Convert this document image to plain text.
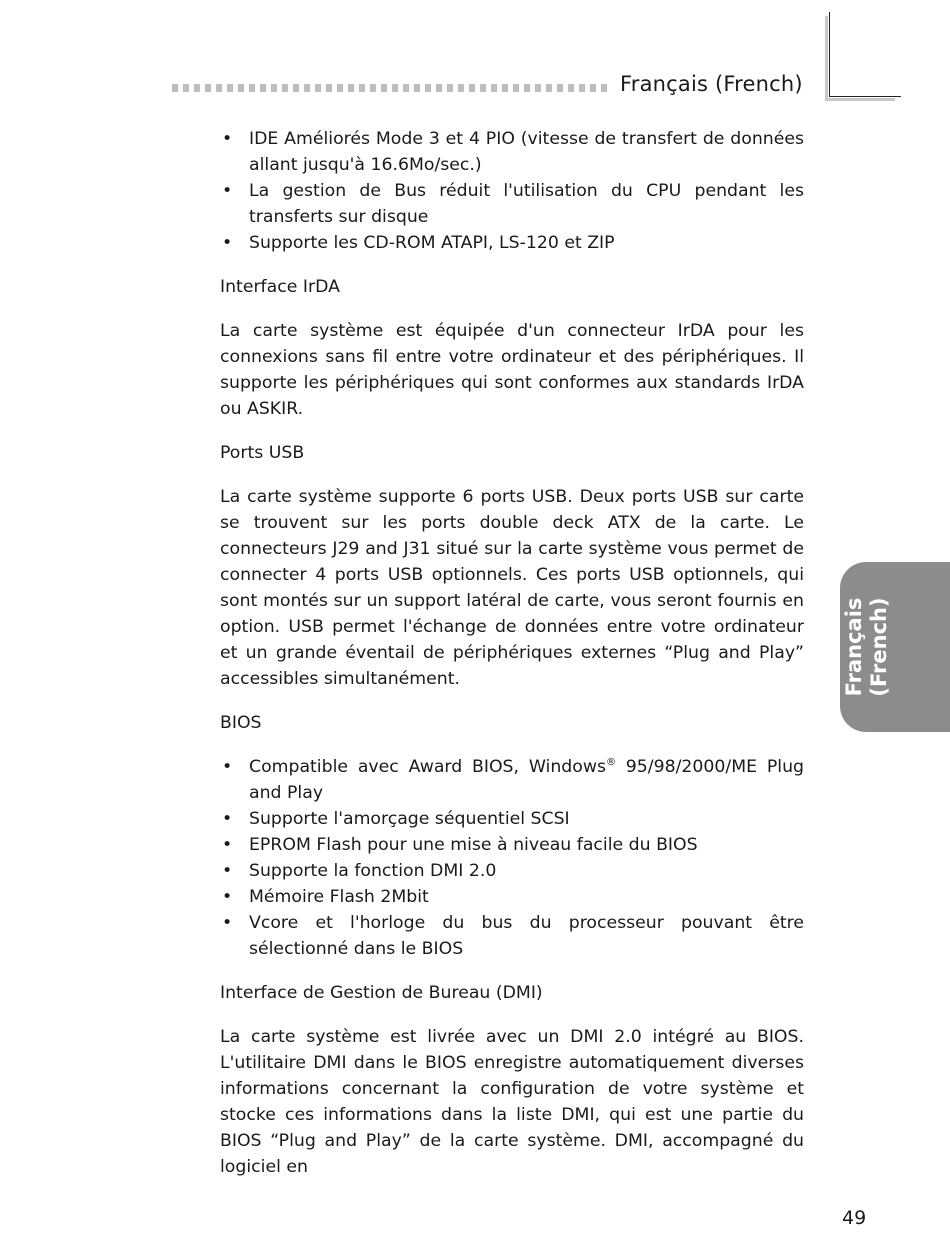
Français (French)
Français (French)
• IDE Améliorés Mode 3 et 4 PIO (vitesse de transfert de données allant jusqu'à 16.6Mo/sec.)
• La gestion de Bus réduit l'utilisation du CPU pendant les transferts sur disque
• Supporte les CD-ROM ATAPI, LS-120 et ZIP
Interface IrDA

La carte système est équipée d'un connecteur IrDA pour les connexions sans fil entre votre ordinateur et des périphériques. Il supporte les périphériques qui sont conformes aux standards IrDA ou ASKIR.

Ports USB

La carte système supporte 6 ports USB. Deux ports USB sur carte se trouvent sur les ports double deck ATX de la carte. Le connecteurs J29 and J31 situé sur la carte système vous permet de connecter 4 ports USB optionnels. Ces ports USB optionnels, qui sont montés sur un support latéral de carte, vous seront fournis en option. USB permet l'échange de données entre votre ordinateur et un grande éventail de périphériques externes “Plug and Play” accessibles simultanément.

BIOS
• Compatible avec Award BIOS, Windows® 95/98/2000/ME Plug and Play
• Supporte l'amorçage séquentiel SCSI
• EPROM Flash pour une mise à niveau facile du BIOS
• Supporte la fonction DMI 2.0
• Mémoire Flash 2Mbit
• Vcore et l'horloge du bus du processeur pouvant être sélectionné dans le BIOS
Interface de Gestion de Bureau (DMI)

La carte système est livrée avec un DMI 2.0 intégré au BIOS. L'utilitaire DMI dans le BIOS enregistre automatiquement diverses informations concernant la configuration de votre système et stocke ces informations dans la liste DMI, qui est une partie du BIOS “Plug and Play” de la carte système. DMI, accompagné du logiciel en

49
